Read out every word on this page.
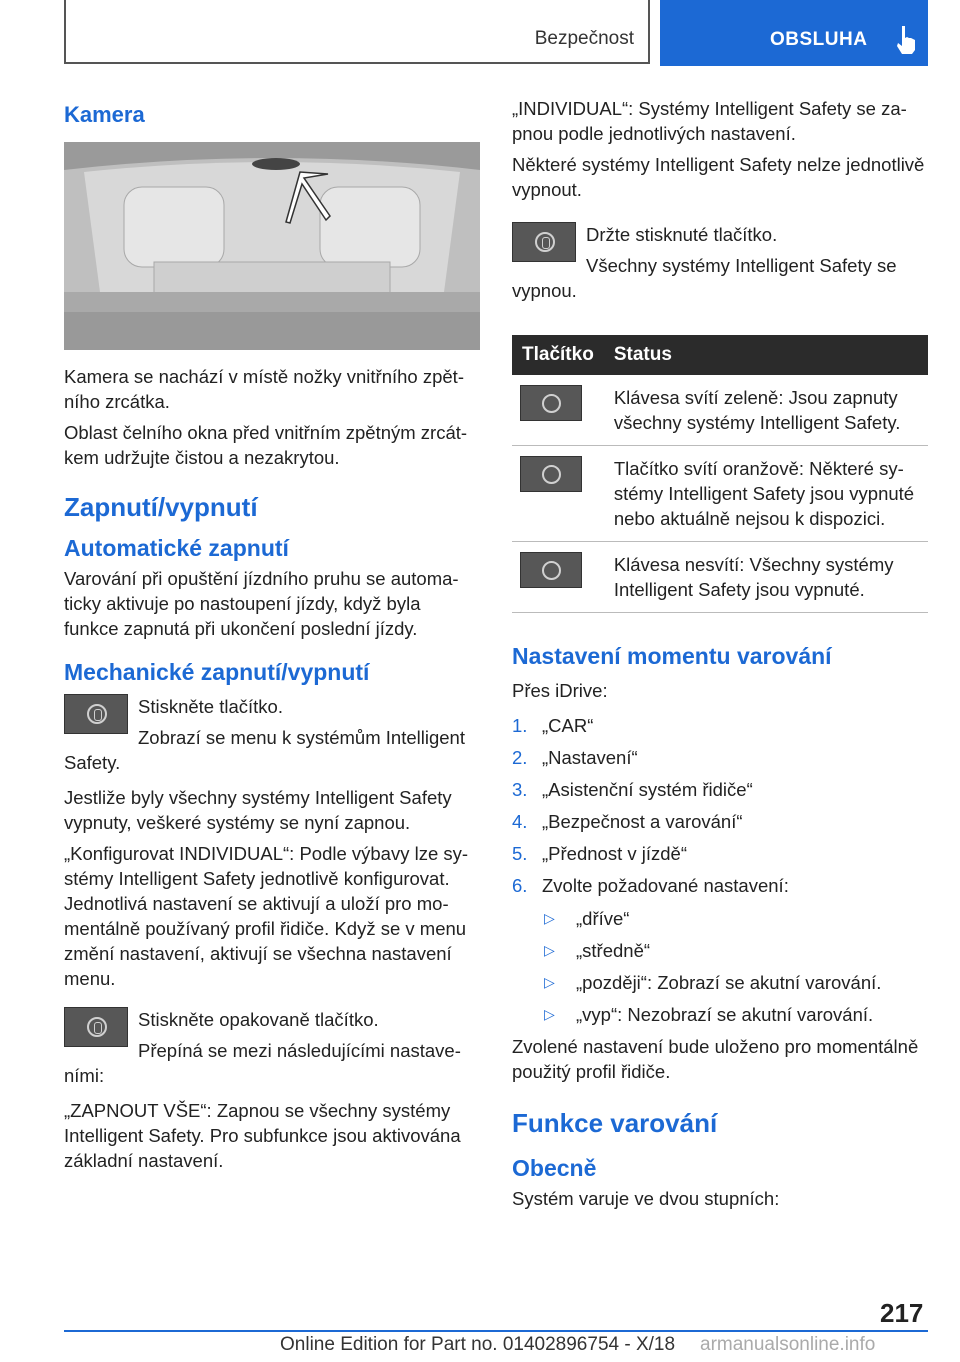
Bezpečnost	OBSLUHA
Kamera

Kamera se nachází v místě nožky vnitřního zpětního zrcátka.

Oblast čelního okna před vnitřním zpětným zrcátkem udržujte čistou a nezakrytou.

Zapnutí/vypnutí
Automatické zapnutí

Varování při opuštění jízdního pruhu se automaticky aktivuje po nastoupení jízdy, když byla funkce zapnutá při ukončení poslední jízdy.

Mechanické zapnutí/vypnutí

Stiskněte tlačítko.

Zobrazí se menu k systémům Intelligent Safety.

Jestliže byly všechny systémy Intelligent Safety vypnuty, veškeré systémy se nyní zapnou.

„Konfigurovat INDIVIDUAL“: Podle výbavy lze systémy Intelligent Safety jednotlivě konfigurovat. Jednotlivá nastavení se aktivují a uloží pro momentálně používaný profil řidiče. Když se v menu změní nastavení, aktivují se všechna nastavení menu.

Stiskněte opakovaně tlačítko.

Přepíná se mezi následujícími nastaveními:

„ZAPNOUT VŠE“: Zapnou se všechny systémy Intelligent Safety. Pro subfunkce jsou aktivována základní nastavení.

„INDIVIDUAL“: Systémy Intelligent Safety se zapnou podle jednotlivých nastavení.

Některé systémy Intelligent Safety nelze jednotlivě vypnout.

Držte stisknuté tlačítko.

Všechny systémy Intelligent Safety se vypnou.

Tlačítko	Status

	Klávesa svítí zeleně: Jsou zapnuty všechny systémy Intelligent Safety.

	Tlačítko svítí oranžově: Některé systémy Intelligent Safety jsou vypnuté nebo aktuálně nejsou k dispozici.

	Klávesa nesvítí: Všechny systémy Intelligent Safety jsou vypnuté.
Nastavení momentu varování

Přes iDrive:

1. „CAR“
2. „Nastavení“
3. „Asistenční systém řidiče“
4. „Bezpečnost a varování“
5. „Přednost v jízdě“
6. Zvolte požadované nastavení:
▷ „dříve“
▷ „středně“
▷ „později“: Zobrazí se akutní varování.
▷ „vyp“: Nezobrazí se akutní varování.

Zvolené nastavení bude uloženo pro momentálně použitý profil řidiče.

Funkce varování
Obecně

Systém varuje ve dvou stupních:

217
Online Edition for Part no. 01402896754 - X/18 armanualsonline.info
